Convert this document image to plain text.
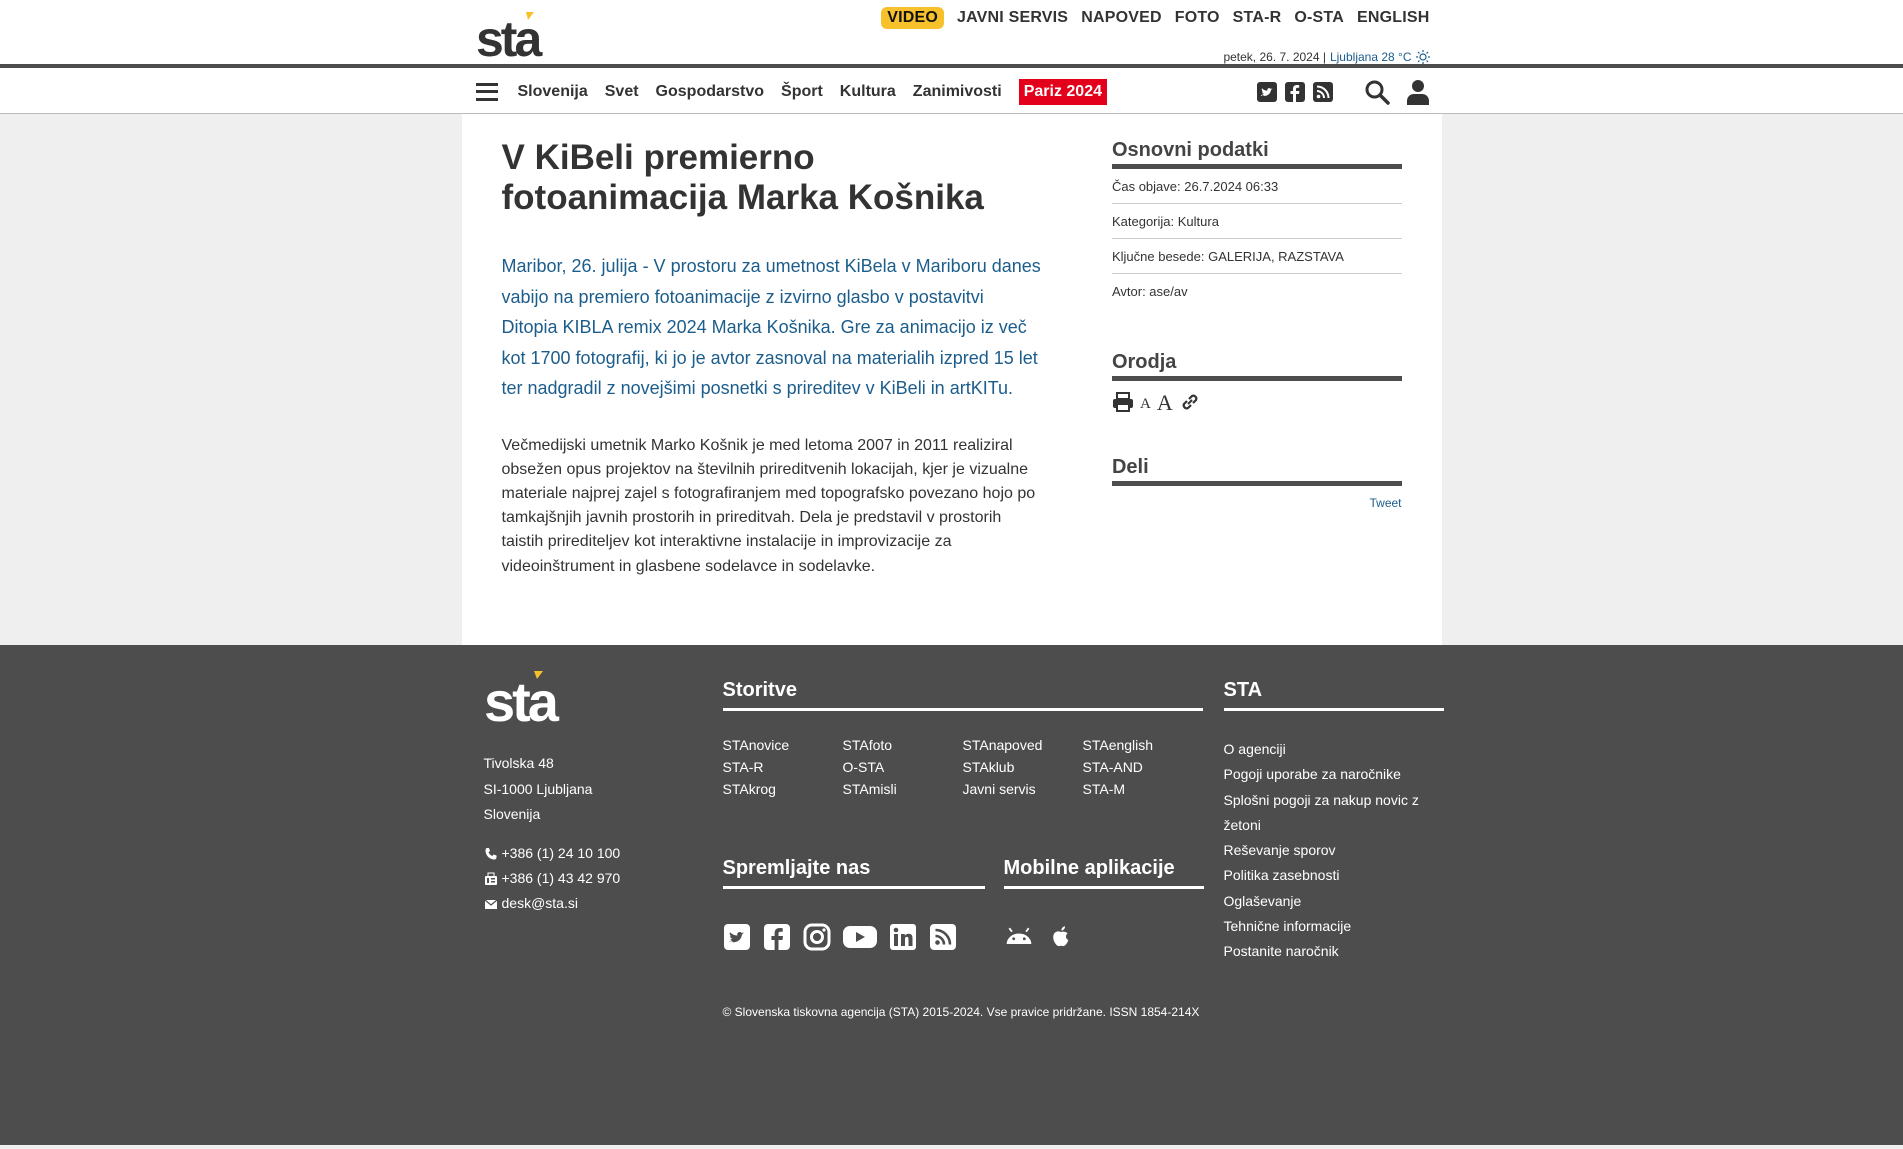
sta	VIDEO	JAVNI SERVIS NAPOVED FOTO STA-R O-STA ENGLISH
petek, 26. 7. 2024 | Ljubljana 28 °C
Slovenija Svet Gospodarstvo Šport Kultura Zanimivosti	Pariz 2024
V KiBeli premierno fotoanimacija Marka Košnika

Maribor, 26. julija - V prostoru za umetnost KiBela v Mariboru danes vabijo na premiero fotoanimacije z izvirno glasbo v postavitvi Ditopia KIBLA remix 2024 Marka Košnika. Gre za animacijo iz več kot 1700 fotografij, ki jo je avtor zasnoval na materialih izpred 15 let ter nadgradil z novejšimi posnetki s prireditev v KiBeli in artKITu.

Večmedijski umetnik Marko Košnik je med letoma 2007 in 2011 realiziral obsežen opus projektov na številnih prireditvenih lokacijah, kjer je vizualne materiale najprej zajel s fotografiranjem med topografsko povezano hojo po tamkajšnjih javnih prostorih in prireditvah. Dela je predstavil v prostorih taistih prirediteljev kot interaktivne instalacije in improvizacije za videoinštrument in glasbene sodelavce in sodelavke.

Osnovni podatki
Čas objave: 26.7.2024 06:33
Kategorija: Kultura
Ključne besede: GALERIJA, RAZSTAVA
Avtor: ase/av
Orodja
A A
Deli
Tweet
sta
Tivolska 48
SI-1000 Ljubljana
Slovenija
+386 (1) 24 10 100
+386 (1) 43 42 970
desk@sta.si
Storitve
STAnovice	STAfoto	STAnapoved	STAenglish
STA-R	O-STA	STAklub	STA-AND
STAkrog	STAmisli	Javni servis	STA-M
STA
O agenciji
Pogoji uporabe za naročnike
Splošni pogoji za nakup novic z žetoni
Reševanje sporov
Politika zasebnosti
Oglaševanje
Tehnične informacije
Postanite naročnik
Spremljajte nas	Mobilne aplikacije
© Slovenska tiskovna agencija (STA) 2015-2024. Vse pravice pridržane. ISSN 1854-214X
